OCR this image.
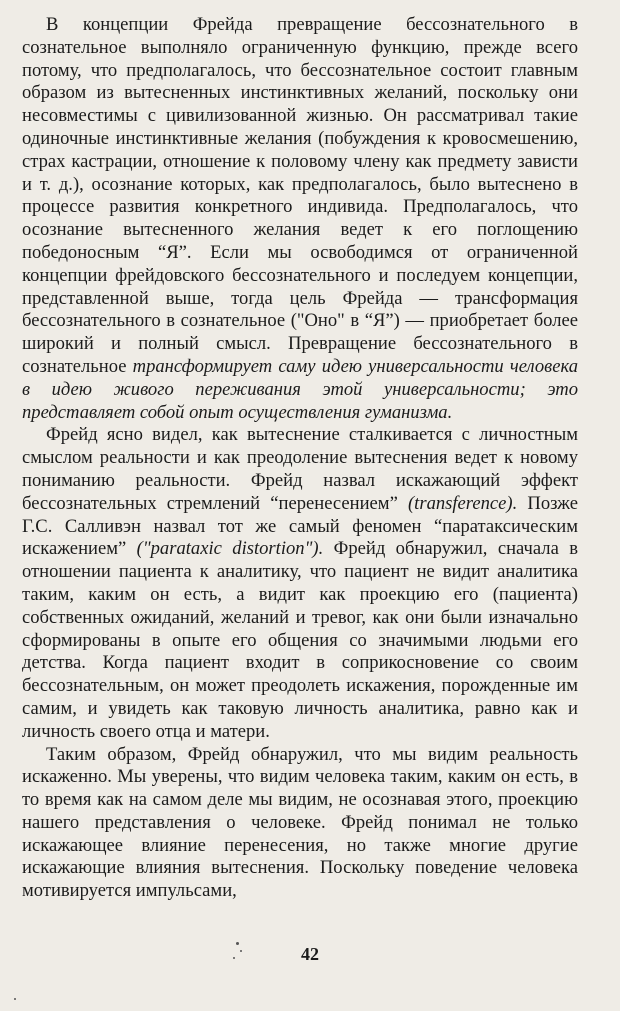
В концепции Фрейда превращение бессознательного в сознательное выполняло ограниченную функцию, прежде всего потому, что предполагалось, что бессознательное состоит главным образом из вытесненных инстинктивных желаний, поскольку они несовместимы с цивилизованной жизнью. Он рассматривал такие одиночные инстинктивные желания (побуждения к кровосмешению, страх кастрации, отношение к половому члену как предмету зависти и т. д.), осознание которых, как предполагалось, было вытеснено в процессе развития конкретного индивида. Предполагалось, что осознание вытесненного желания ведет к его поглощению победоносным “Я”. Если мы освободимся от ограниченной концепции фрейдовского бессознательного и последуем концепции, представленной выше, тогда цель Фрейда — трансформация бессознательного в сознательное ("Оно" в “Я”) — приобретает более широкий и полный смысл. Превращение бессознательного в сознательное трансформирует саму идею универсальности человека в идею живого переживания этой универсальности; это представляет собой опыт осуществления гуманизма.

Фрейд ясно видел, как вытеснение сталкивается с личностным смыслом реальности и как преодоление вытеснения ведет к новому пониманию реальности. Фрейд назвал искажающий эффект бессознательных стремлений “перенесением” (transference). Позже Г.С. Салливэн назвал тот же самый феномен “паратаксическим искажением” ("parataxic distortion"). Фрейд обнаружил, сначала в отношении пациента к аналитику, что пациент не видит аналитика таким, каким он есть, а видит как проекцию его (пациента) собственных ожиданий, желаний и тревог, как они были изначально сформированы в опыте его общения со значимыми людьми его детства. Когда пациент входит в соприкосновение со своим бессознательным, он может преодолеть искажения, порожденные им самим, и увидеть как таковую личность аналитика, равно как и личность своего отца и матери.

Таким образом, Фрейд обнаружил, что мы видим реальность искаженно. Мы уверены, что видим человека таким, каким он есть, в то время как на самом деле мы видим, не осознавая этого, проекцию нашего представления о человеке. Фрейд понимал не только искажающее влияние перенесения, но также многие другие искажающие влияния вытеснения. Поскольку поведение человека мотивируется импульсами,

42
